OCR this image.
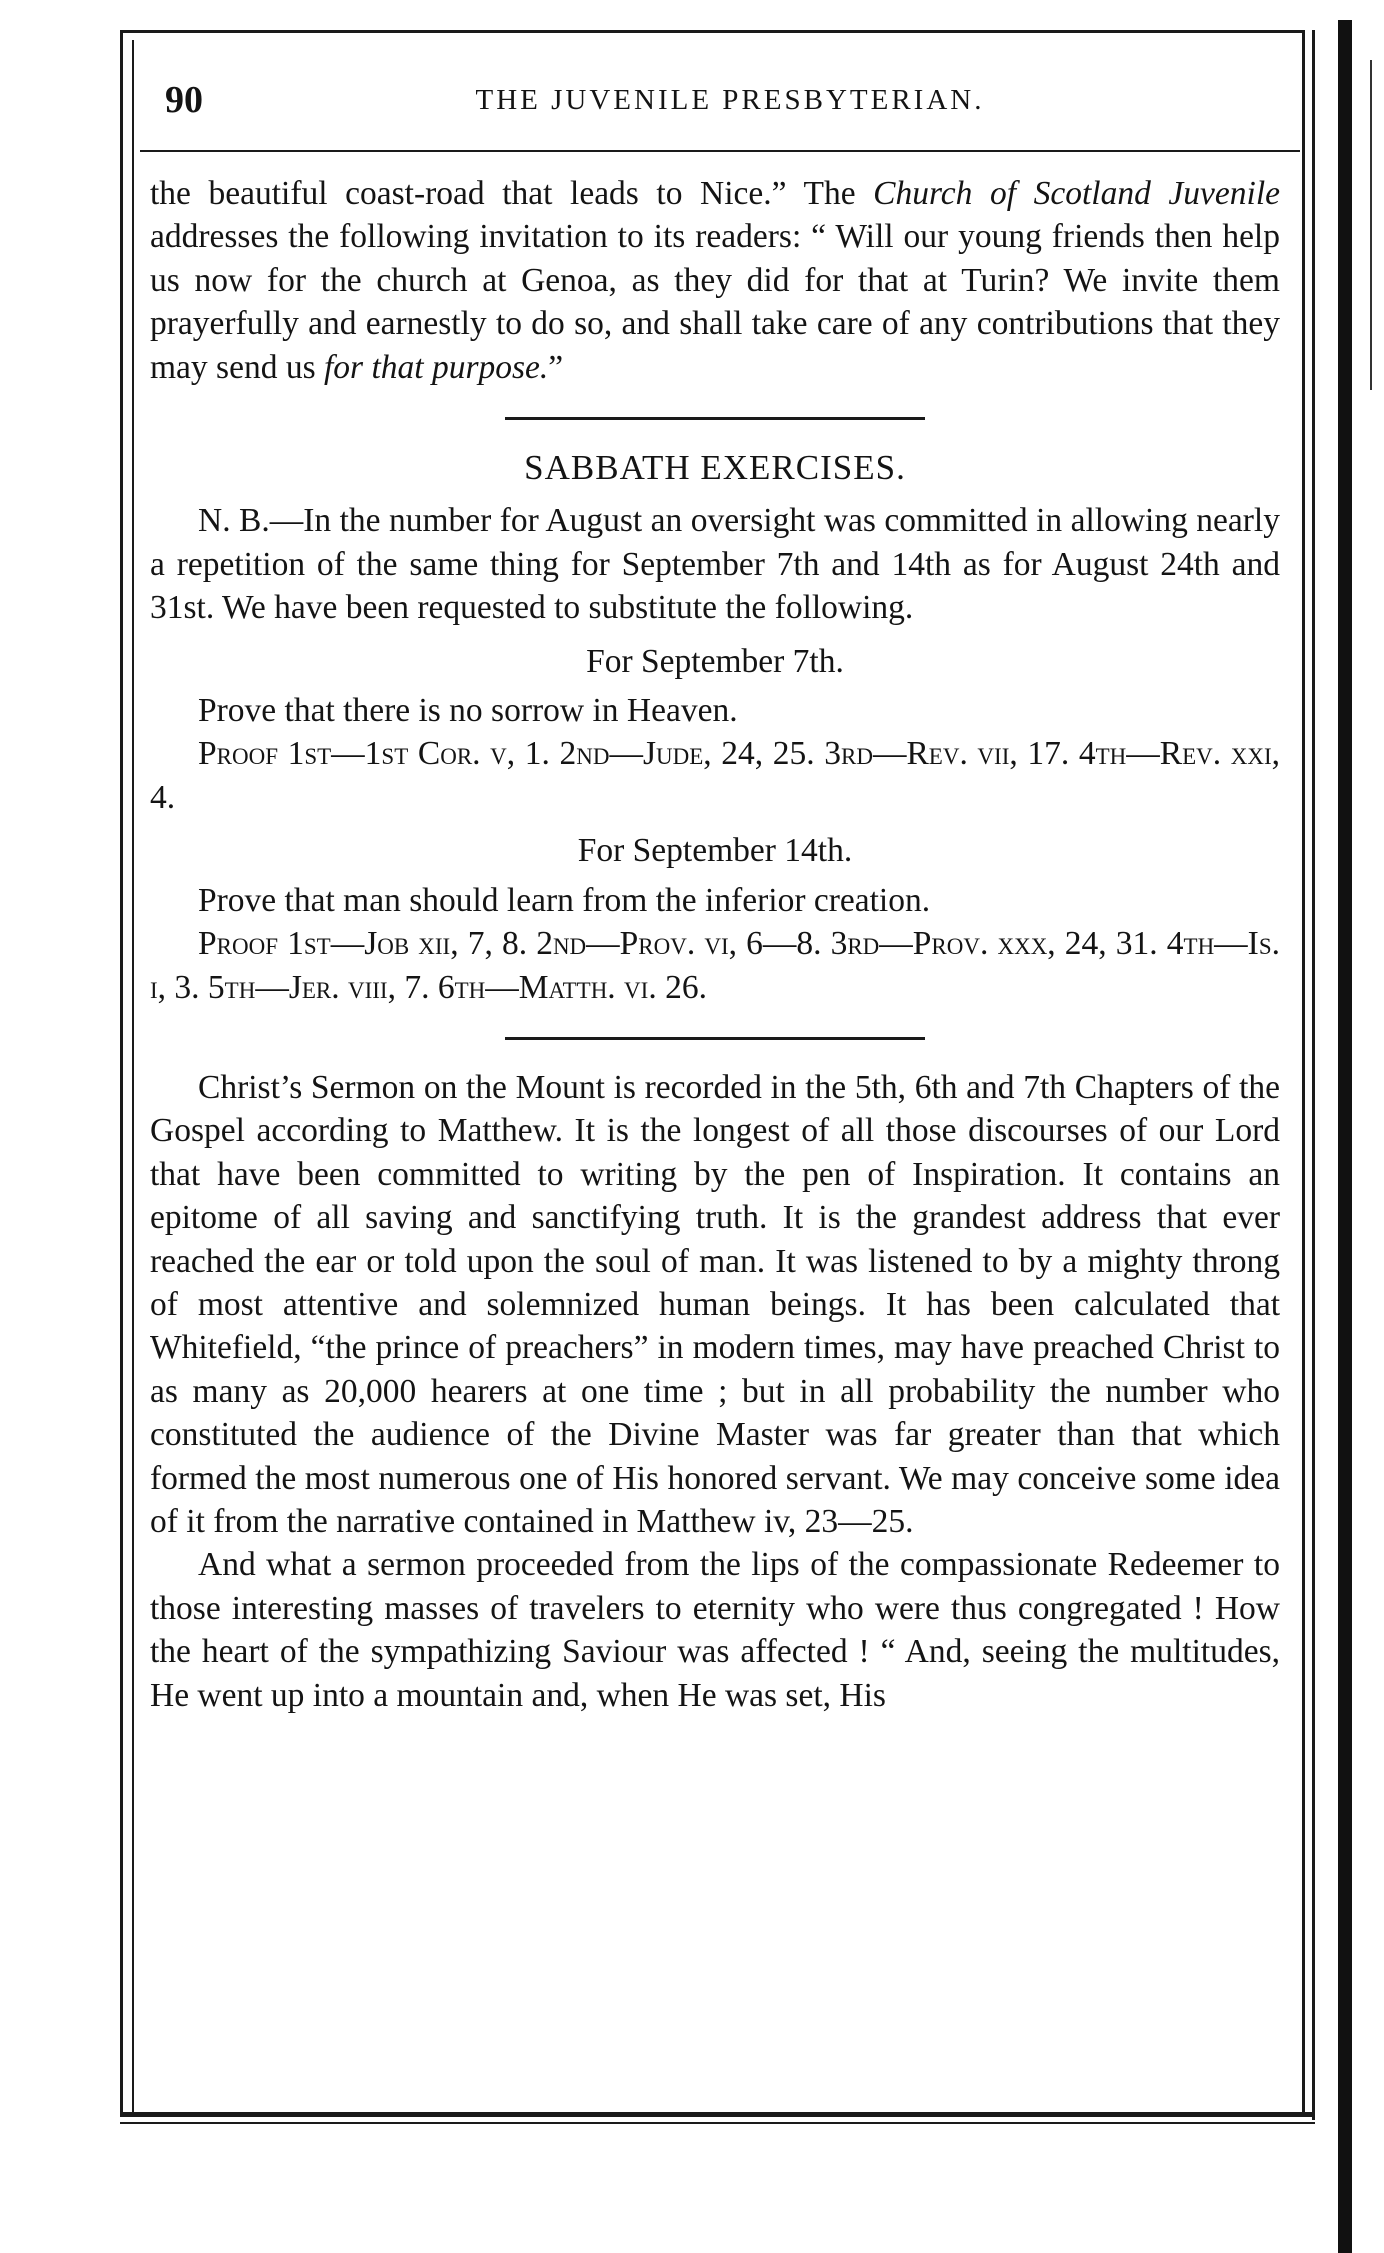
90	THE JUVENILE PRESBYTERIAN.

the beautiful coast-road that leads to Nice.” The Church of Scotland Juvenile addresses the following invitation to its readers: “ Will our young friends then help us now for the church at Genoa, as they did for that at Turin? We invite them prayerfully and earnestly to do so, and shall take care of any contributions that they may send us for that purpose.”

SABBATH EXERCISES.

N. B.—In the number for August an oversight was committed in allowing nearly a repetition of the same thing for September 7th and 14th as for August 24th and 31st. We have been requested to substitute the following.

For September 7th.

Prove that there is no sorrow in Heaven.

Proof 1st—1st Cor. v, 1. 2nd—Jude, 24, 25. 3rd—Rev. vii, 17. 4th—Rev. xxi, 4.

For September 14th.

Prove that man should learn from the inferior creation.

Proof 1st—Job xii, 7, 8. 2nd—Prov. vi, 6—8. 3rd—Prov. xxx, 24, 31. 4th—Is. i, 3. 5th—Jer. viii, 7. 6th—Matth. vi. 26.

Christ’s Sermon on the Mount is recorded in the 5th, 6th and 7th Chapters of the Gospel according to Matthew. It is the longest of all those discourses of our Lord that have been committed to writing by the pen of Inspiration. It contains an epitome of all saving and sanctifying truth. It is the grandest address that ever reached the ear or told upon the soul of man. It was listened to by a mighty throng of most attentive and solemnized human beings. It has been calculated that Whitefield, “the prince of preachers” in modern times, may have preached Christ to as many as 20,000 hearers at one time ; but in all probability the number who constituted the audience of the Divine Master was far greater than that which formed the most numerous one of His honored servant. We may conceive some idea of it from the narrative contained in Matthew iv, 23—25.

And what a sermon proceeded from the lips of the compassionate Redeemer to those interesting masses of travelers to eternity who were thus congregated ! How the heart of the sympathizing Saviour was affected ! “ And, seeing the multitudes, He went up into a mountain and, when He was set, His
